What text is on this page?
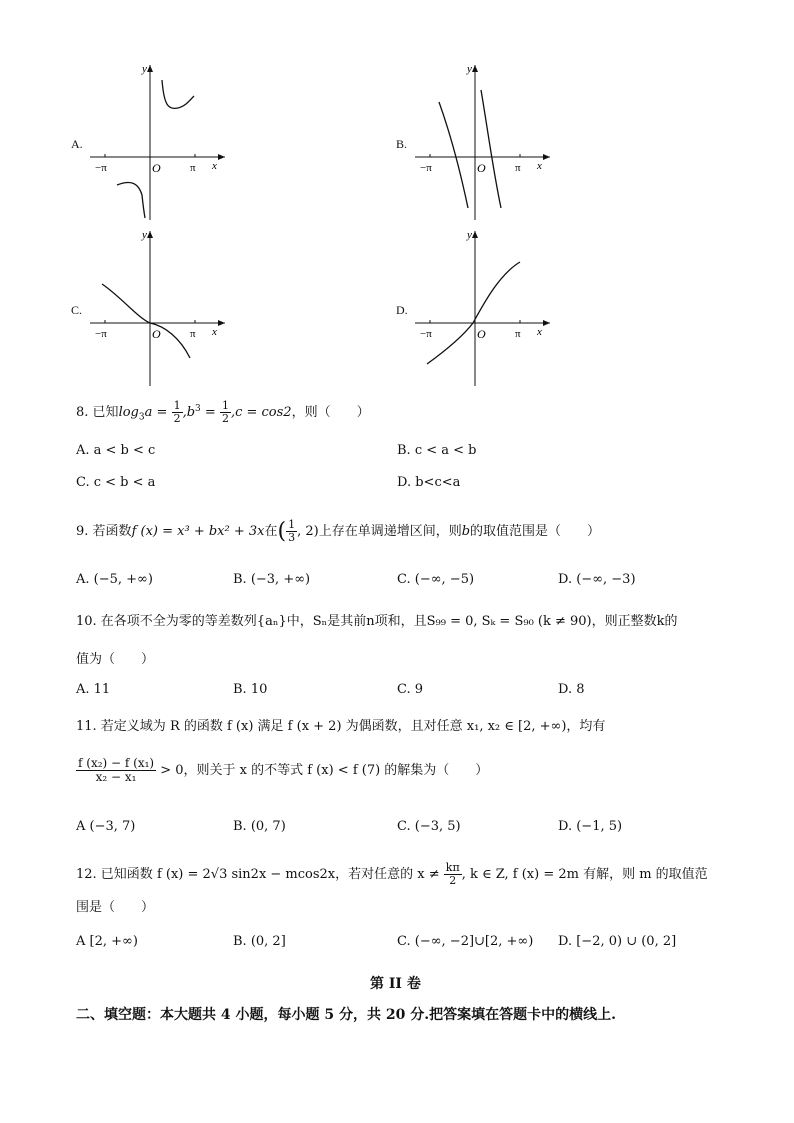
A.
y
x
O
−π	π
B.
y
x
O
−π	π
C.
y
x
O
−π	π
D.
y
x
O
−π	π
8. 已知$\log_3a = \frac{1}{2} ,b^3 = \frac{1}{2} ,c = \cos 2$，则（　　）
A. a < b < c	B. c < a < b
C. c < b < a	D. b<c<a
9. 若函数f (x) = x³ + bx² + 3x在( $\frac{1}{3}$ , 2)上存在单调递增区间，则b的取值范围是（　　）
A. (−5, +∞)	B. (−3, +∞)	C. (−∞, −5)	D. (−∞, −3)
10. 在各项不全为零的等差数列{aₙ}中，Sₙ是其前n项和，且S₉₉ = 0, Sₖ = S₉₀ (k ≠ 90)，则正整数k的
值为（　　）
A. 11	B. 10	C. 9	D. 8
11. 若定义域为 R 的函数 f (x) 满足 f (x + 2) 为偶函数，且对任意 x₁, x₂ ∈ [2, +∞)，均有
$\frac{\text{f (x₂) − f (x₁)}}{\text{x₂ − x₁}} > 0$，则关于 x 的不等式 f (x) < f (7) 的解集为（　　）
A (−3, 7)	B. (0, 7)	C. (−3, 5)	D. (−1, 5)
12. 已知函数 f (x) = 2√3 sin2x − mcos2x，若对任意的 $x \ne \frac{k\pi}{2}$ , k ∈ Z, f (x) = 2m 有解，则 m 的取值范
围是（　　）
A [2, +∞)	B. (0, 2]	C. (−∞, −2]∪[2, +∞) D. [−2, 0) ∪ (0, 2]
第 II 卷
二、填空题：本大题共 4 小题，每小题 5 分，共 20 分.把答案填在答题卡中的横线上.
